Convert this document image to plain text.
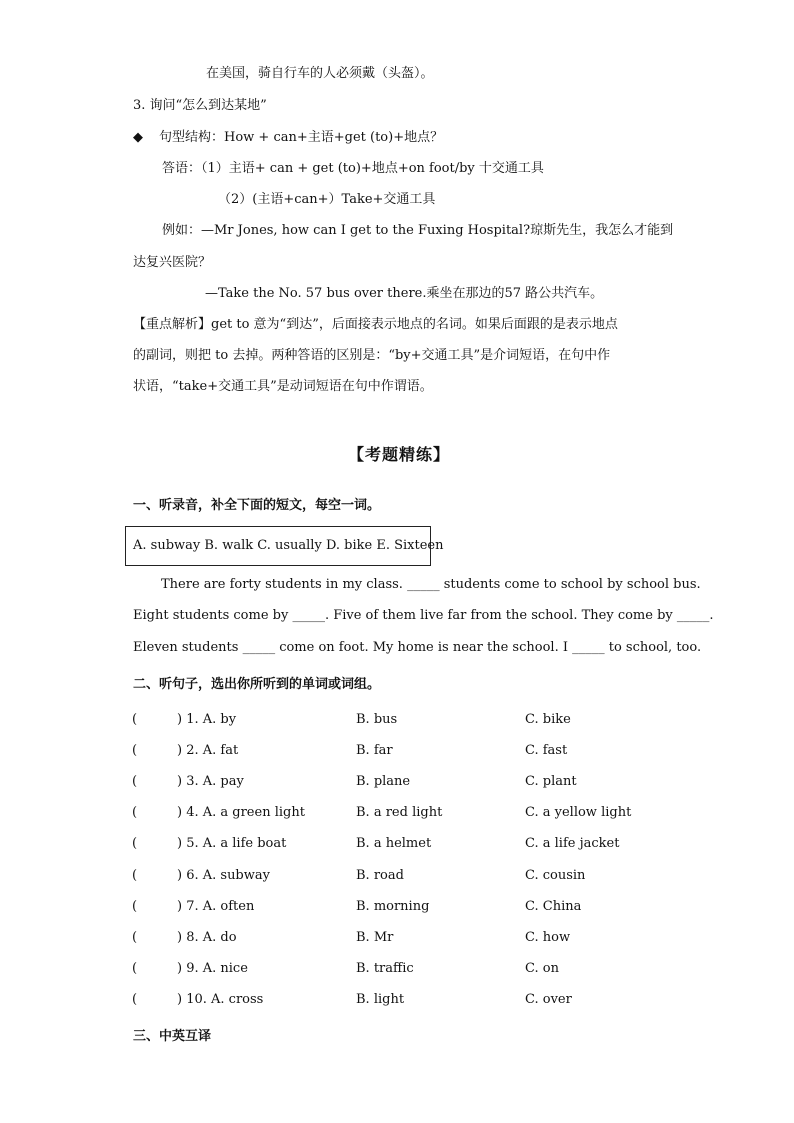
在美国，骑自行车的人必须戴（头盔）。
3. 询问“怎么到达某地”
◆ 句型结构：How + can+主语+get (to)+地点？
答语：（1）主语+ can + get (to)+地点+on foot/by 十交通工具
（2）(主语+can+）Take+交通工具
例如：—Mr Jones, how can I get to the Fuxing Hospital?琼斯先生，我怎么才能到
达复兴医院？
—Take the No. 57 bus over there.乘坐在那边的57 路公共汽车。
【重点解析】get to 意为“到达”，后面接表示地点的名词。如果后面跟的是表示地点
的副词，则把 to 去掉。两种答语的区别是：“by+交通工具”是介词短语，在句中作
状语，“take+交通工具”是动词短语在句中作谓语。
【考题精练】
一、听录音，补全下面的短文，每空一词。
A. subway B. walk C. usually D. bike E. Sixteen
There are forty students in my class. _____ students come to school by school bus.
Eight students come by _____. Five of them live far from the school. They come by _____.
Eleven students _____ come on foot. My home is near the school. I _____ to school, too.
二、听句子，选出你所听到的单词或词组。
(	) 1. A. by	B. bus	C. bike
(	) 2. A. fat	B. far	C. fast
(	) 3. A. pay	B. plane	C. plant
(	) 4. A. a green light	B. a red light	C. a yellow light
(	) 5. A. a life boat	B. a helmet	C. a life jacket
(	) 6. A. subway	B. road	C. cousin
(	) 7. A. often	B. morning	C. China
(	) 8. A. do	B. Mr	C. how
(	) 9. A. nice	B. traffic	C. on
(	) 10. A. cross	B. light	C. over
三、中英互译
